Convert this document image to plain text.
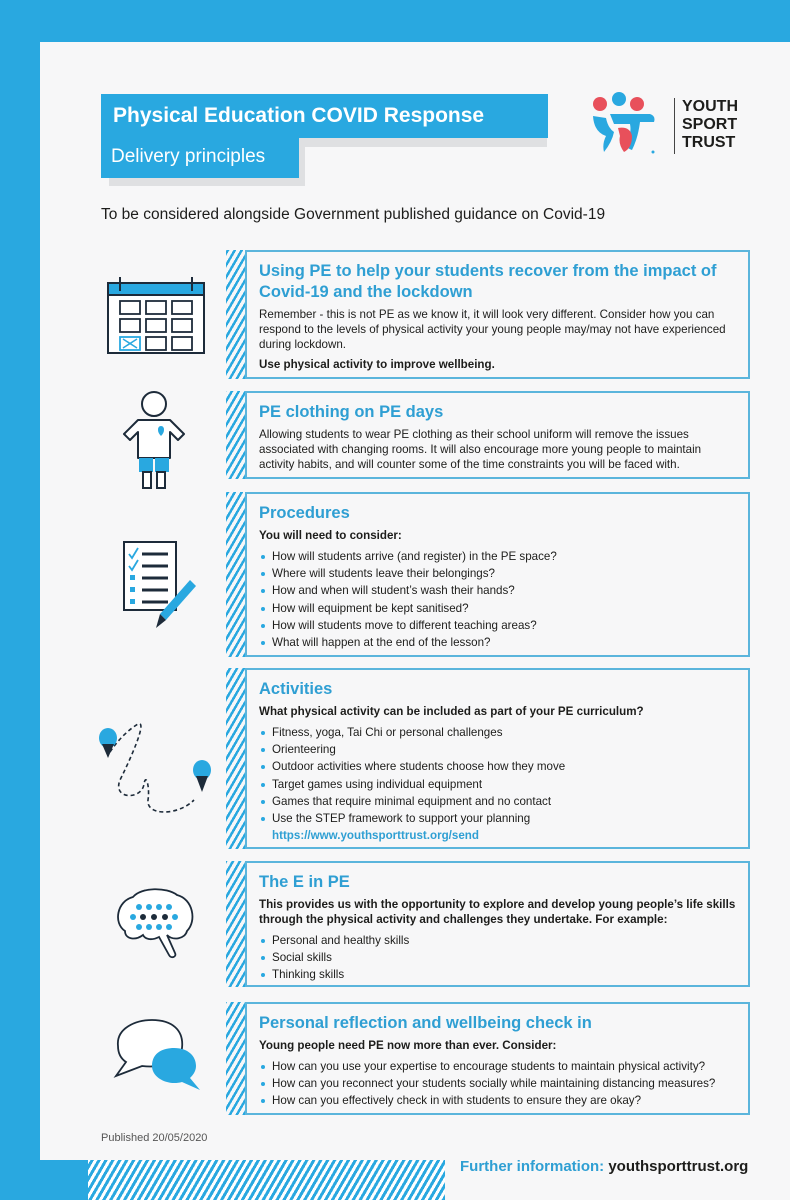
Physical Education COVID Response
Delivery principles
YOUTH
SPORT
TRUST
To be considered alongside Government published guidance on Covid-19
Using PE to help your students recover from the impact of Covid-19 and the lockdown

Remember - this is not PE as we know it, it will look very different. Consider how you can respond to the levels of physical activity your young people may/may not have experienced during lockdown.

Use physical activity to improve wellbeing.

PE clothing on PE days

Allowing students to wear PE clothing as their school uniform will remove the issues associated with changing rooms. It will also encourage more young people to maintain activity habits, and will counter some of the time constraints you will be faced with.

Procedures

You will need to consider:

How will students arrive (and register) in the PE space?
Where will students leave their belongings?
How and when will student’s wash their hands?
How will equipment be kept sanitised?
How will students move to different teaching areas?
What will happen at the end of the lesson?
Activities

What physical activity can be included as part of your PE curriculum?

Fitness, yoga, Tai Chi or personal challenges
Orienteering
Outdoor activities where students choose how they move
Target games using individual equipment
Games that require minimal equipment and no contact
Use the STEP framework to support your planning
https://www.youthsporttrust.org/send
The E in PE

This provides us with the opportunity to explore and develop young people’s life skills through the physical activity and challenges they undertake. For example:

Personal and healthy skills
Social skills
Thinking skills
Personal reflection and wellbeing check in

Young people need PE now more than ever. Consider:

How can you use your expertise to encourage students to maintain physical activity?
How can you reconnect your students socially while maintaining distancing measures?
How can you effectively check in with students to ensure they are okay?
Published 20/05/2020
Further information: youthsporttrust.org
